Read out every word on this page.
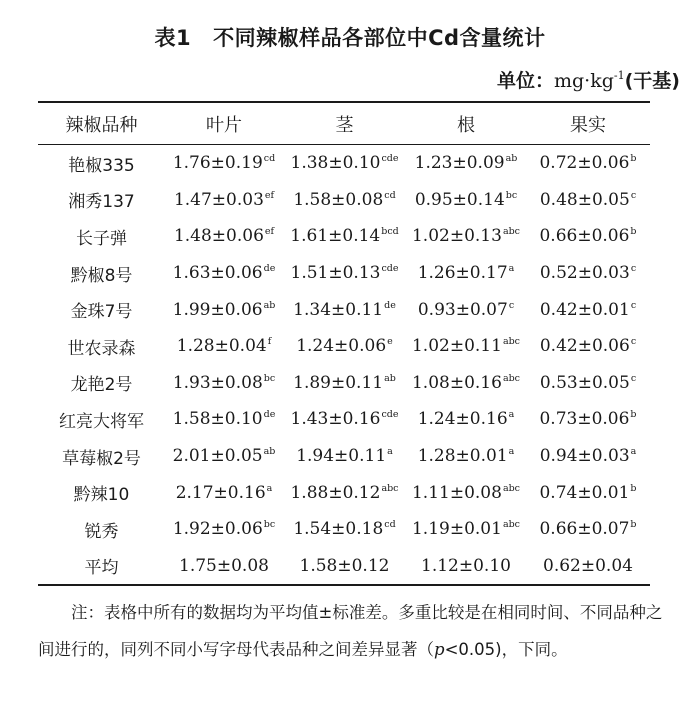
表1 不同辣椒样品各部位中Cd含量统计
单位：$mg\cdot kg^{-1}$(干基)
辣椒品种	叶片	茎	根	果实
艳椒335	1.76±0.19$^{cd}$	1.38±0.10$^{cde}$	1.23±0.09$^{ab}$	0.72±0.06$^b$
湘秀137	1.47±0.03$^{ef}$	1.58±0.08$^{cd}$	0.95±0.14$^{bc}$	0.48±0.05$^c$
长子弹	1.48±0.06$^{ef}$	1.61±0.14$^{bcd}$	1.02±0.13$^{abc}$	0.66±0.06$^b$
黔椒8号	1.63±0.06de	1.51±0.13$^{cde}$	1.26±0.17$^a$	0.52±0.03$^c$
金珠7号	1.99±0.06$^{ab}$	1.34±0.11de	0.93±0.07$^c$	0.42±0.01$^c$
世农录森	1.28±0.04$^f$	1.24±0.06$^e$	1.02±0.11$^{abc}$	0.42±0.06$^c$
龙艳2号	1.93±0.08$^{bc}$	1.89±0.11$^{ab}$	1.08±0.16$^{abc}$	0.53±0.05$^c$
红亮大将军	1.58±0.10de	1.43±0.16$^{cde}$	1.24±0.16$^a$	0.73±0.06$^b$
草莓椒2号	2.01±0.05$^{ab}$	1.94±0.11$^a$	1.28±0.01$^a$	0.94±0.03$^a$
黔辣10	2.17±0.16$^a$	1.88±0.12$^{abc}$	1.11±0.08$^{abc}$	0.74±0.01$^b$
锐秀	1.92±0.06$^{bc}$	1.54±0.18$^{cd}$	1.19±0.01$^{abc}$	0.66±0.07$^b$
平均	1.75±0.08	1.58±0.12	1.12±0.10	0.62±0.04
注：表格中所有的数据均为平均值±标准差。多重比较是在相同时间、不同品种之间进行的，同列不同小写字母代表品种之间差异显著（p<0.05)，下同。
